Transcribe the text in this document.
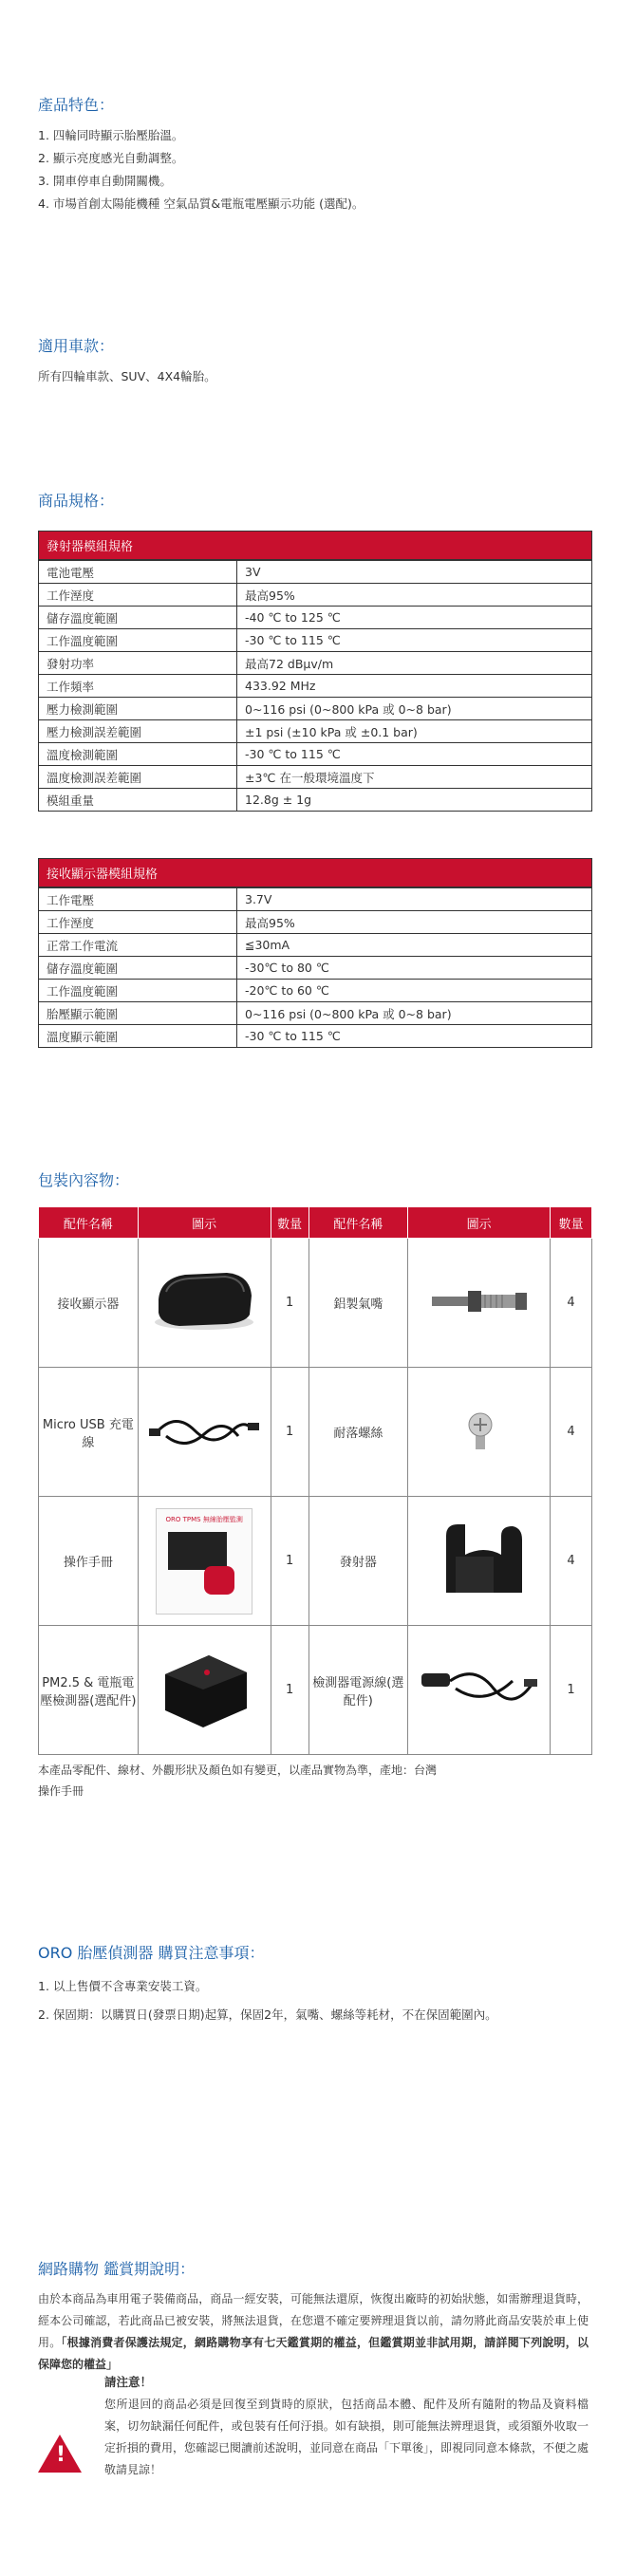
產品特色：
1. 四輪同時顯示胎壓胎溫。
2. 顯示亮度感光自動調整。
3. 開車停車自動開關機。
4. 市場首創太陽能機種 空氣品質&電瓶電壓顯示功能 (選配)。
適用車款：
所有四輪車款、SUV、4X4輪胎。
商品規格：
發射器模組規格
電池電壓	3V
工作溼度	最高95%
儲存溫度範圍	-40 ℃ to 125 ℃
工作溫度範圍	-30 ℃ to 115 ℃
發射功率	最高72 dBμv/m
工作頻率	433.92 MHz
壓力檢測範圍	0~116 psi (0~800 kPa 或 0~8 bar)
壓力檢測誤差範圍	±1 psi (±10 kPa 或 ±0.1 bar)
溫度檢測範圍	-30 ℃ to 115 ℃
溫度檢測誤差範圍	±3℃ 在一般環境溫度下
模組重量	12.8g ± 1g
接收顯示器模組規格
工作電壓	3.7V
工作溼度	最高95%
正常工作電流	≦30mA
儲存溫度範圍	-30℃ to 80 ℃
工作溫度範圍	-20℃ to 60 ℃
胎壓顯示範圍	0~116 psi (0~800 kPa 或 0~8 bar)
溫度顯示範圍	-30 ℃ to 115 ℃
包裝內容物：
配件名稱	圖示	數量	配件名稱	圖示	數量
接收顯示器		1	鋁製氣嘴		4
Micro USB 充電線		1	耐落螺絲		4
操作手冊	ORO TPMS 無線胎壓監測	1	發射器		4
PM2.5 & 電瓶電壓檢測器(選配件)		1	檢測器電源線(選配件)		1
本產品零配件、線材、外觀形狀及顏色如有變更，以產品實物為準，產地：台灣
操作手冊
ORO 胎壓偵測器 購買注意事項：
1. 以上售價不含專業安裝工資。
2. 保固期：以購買日(發票日期)起算，保固2年，氣嘴、螺絲等耗材，不在保固範圍內。
網路購物 鑑賞期說明：
由於本商品為車用電子裝備商品，商品一經安裝，可能無法還原，恢復出廠時的初始狀態，如需辦理退貨時，經本公司確認，若此商品已被安裝，將無法退貨，在您還不確定要辨理退貨以前，請勿將此商品安裝於車上使用。「根據消費者保護法規定，網路購物享有七天鑑賞期的權益，但鑑賞期並非試用期，請詳閱下列說明，以保障您的權益」
!
請注意！
您所退回的商品必須是回復至到貨時的原狀，包括商品本體、配件及所有隨附的物品及資料檔案，切勿缺漏任何配件，或包裝有任何汙損。如有缺損，則可能無法辨理退貨，或須額外收取一定折損的費用，您確認已閱讀前述說明，並同意在商品「下單後」，即視同同意本條款，不便之處敬請見諒！
